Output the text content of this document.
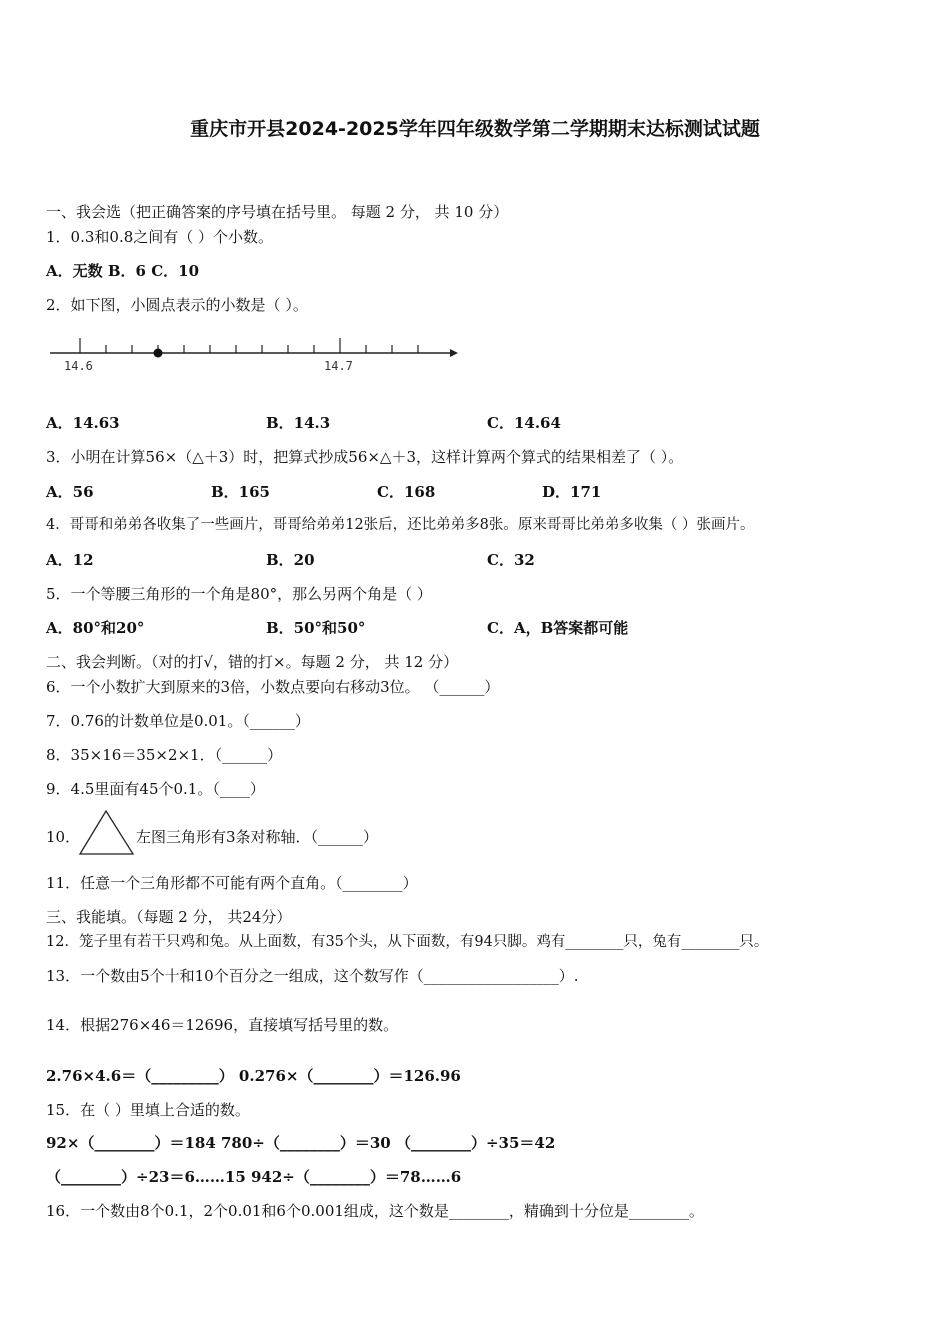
重庆市开县2024-2025学年四年级数学第二学期期末达标测试试题
一、我会选（把正确答案的序号填在括号里。 每题 2 分， 共 10 分）
1．0.3和0.8之间有（ ）个小数。
A．无数 B．6 C．10
2．如下图，小圆点表示的小数是（ ）。
14.6	14.7
A．14.63	B．14.3	C．14.64
3．小明在计算56×（△＋3）时，把算式抄成56×△＋3，这样计算两个算式的结果相差了（ ）。
A．56	B．165	C．168	D．171
4．哥哥和弟弟各收集了一些画片，哥哥给弟弟12张后，还比弟弟多8张。原来哥哥比弟弟多收集（ ）张画片。
A．12	B．20	C．32
5．一个等腰三角形的一个角是80°，那么另两个角是（ ）
A．80°和20°	B．50°和50°	C．A，B答案都可能
二、我会判断。（对的打√，错的打×。每题 2 分， 共 12 分）
6．一个小数扩大到原来的3倍，小数点要向右移动3位。 （______）
7．0.76的计数单位是0.01。（______）
8．35×16＝35×2×1．（______）
9．4.5里面有45个0.1。（____）
10．	左图三角形有3条对称轴．（______）
11．任意一个三角形都不可能有两个直角。（________）
三、我能填。（每题 2 分， 共24分）
12．笼子里有若干只鸡和兔。从上面数，有35个头，从下面数，有94只脚。鸡有________只，兔有________只。
13．一个数由5个十和10个百分之一组成，这个数写作（__________________）.
14．根据276×46＝12696，直接填写括号里的数。
2.76×4.6＝（_________） 0.276×（________）＝126.96
15．在（ ）里填上合适的数。
92×（________）＝184 780÷（________）＝30 （________）÷35＝42
（________）÷23＝6……15 942÷（________）＝78……6
16．一个数由8个0.1，2个0.01和6个0.001组成，这个数是________，精确到十分位是________。
